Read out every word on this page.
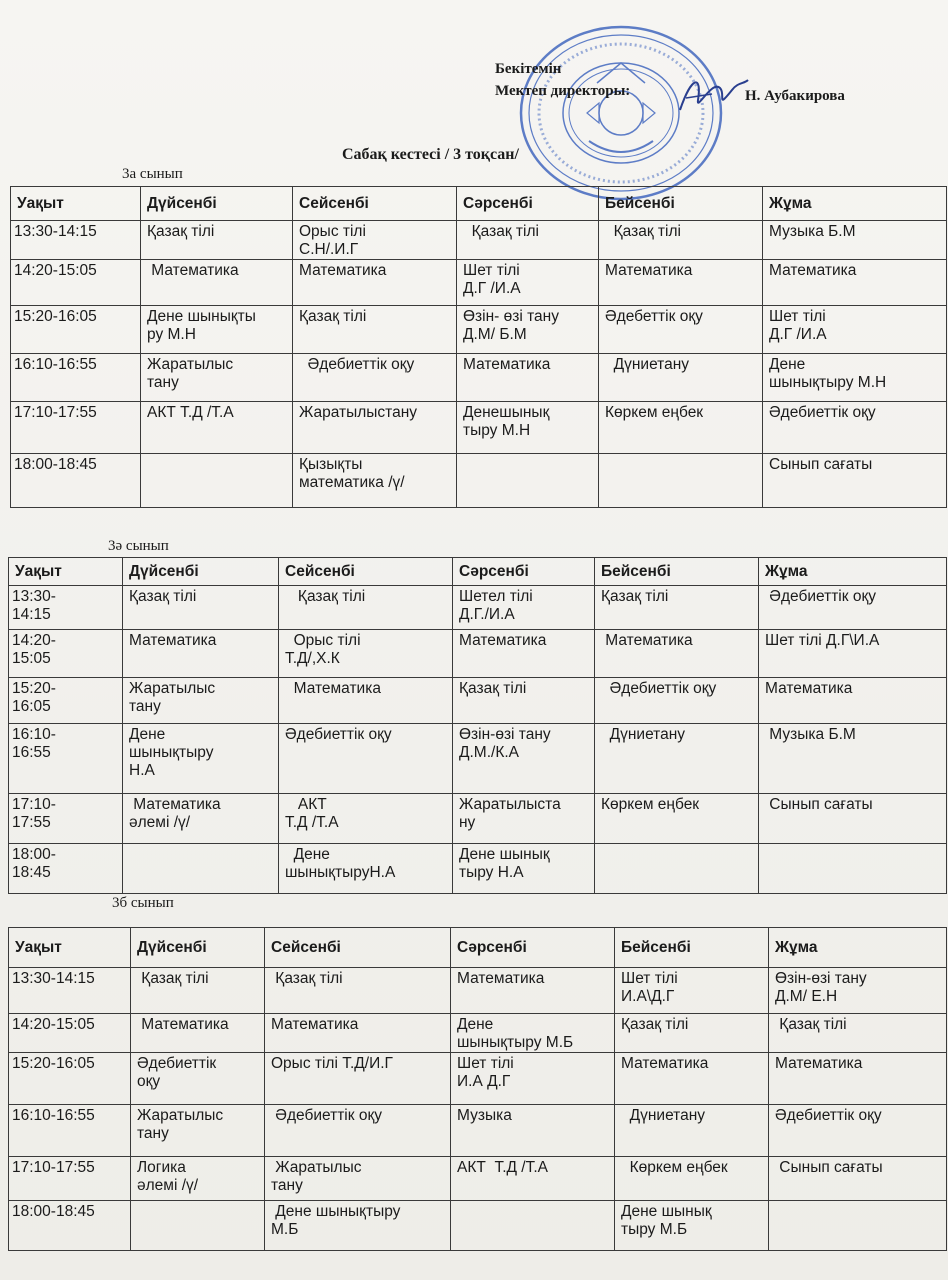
Бекітемін
Мектеп директоры:	Н. Аубакирова
Сабақ кестесі / 3 тоқсан/
3а сынып
Уақыт	Дүйсенбі	Сейсенбі	Сәрсенбі	Бейсенбі	Жұма

13:30-14:15	Қазақ тілі	Орыс тілі
С.Н/.И.Г	Қазақ тілі	Қазақ тілі	Музыка Б.М

14:20-15:05	Математика	Математика	Шет тілі
Д.Г /И.А	Математика	Математика

15:20-16:05	Дене шынықты
ру М.Н	Қазақ тілі	Өзін- өзі тану
Д.М/ Б.М	Әдебеттік оқу	Шет тілі
Д.Г /И.А

16:10-16:55	Жаратылыс
тану	Әдебиеттік оқу	Математика	Дүниетану	Дене
шынықтыру М.Н

17:10-17:55	АКТ Т.Д /Т.А	Жаратылыстану	Денешынық
тыру М.Н	Көркем еңбек	Әдебиеттік оқу

18:00-18:45		Қызықты
математика /ү/			Сынып сағаты
3ә сынып
Уақыт	Дүйсенбі	Сейсенбі	Сәрсенбі	Бейсенбі	Жұма

13:30-
14:15	Қазақ тілі	Қазақ тілі	Шетел тілі
Д.Г./И.А	Қазақ тілі	Әдебиеттік оқу

14:20-
15:05	Математика	Орыс тілі
Т.Д/,Х.К	Математика	Математика	Шет тілі Д.Г\И.А

15:20-
16:05	Жаратылыс
тану	Математика	Қазақ тілі	Әдебиеттік оқу	Математика

16:10-
16:55	Дене
шынықтыру
Н.А	Әдебиеттік оқу	Өзін-өзі тану
Д.М./К.А	Дүниетану	Музыка Б.М

17:10-
17:55	Математика
әлемі /ү/	АКТ
Т.Д /Т.А	Жаратылыста
ну	Көркем еңбек	Сынып сағаты

18:00-
18:45		Дене
шынықтыруН.А	Дене шынық
тыру Н.А		

3б сынып
Уақыт	Дүйсенбі	Сейсенбі	Сәрсенбі	Бейсенбі	Жұма

13:30-14:15	Қазақ тілі	Қазақ тілі	Математика	Шет тілі
И.А\Д.Г	Өзін-өзі тану
Д.М/ Е.Н

14:20-15:05	Математика	Математика	Дене
шынықтыру М.Б	Қазақ тілі	Қазақ тілі

15:20-16:05	Әдебиеттік
оқу	Орыс тілі Т.Д/И.Г	Шет тілі
И.А Д.Г	Математика	Математика

16:10-16:55	Жаратылыс
тану	Әдебиеттік оқу	Музыка	Дүниетану	Әдебиеттік оқу

17:10-17:55	Логика
әлемі /ү/	Жаратылыс
тану	АКТ  Т.Д /Т.А	Көркем еңбек	Сынып сағаты

18:00-18:45		Дене шынықтыру
М.Б		Дене шынық
тыру М.Б	
